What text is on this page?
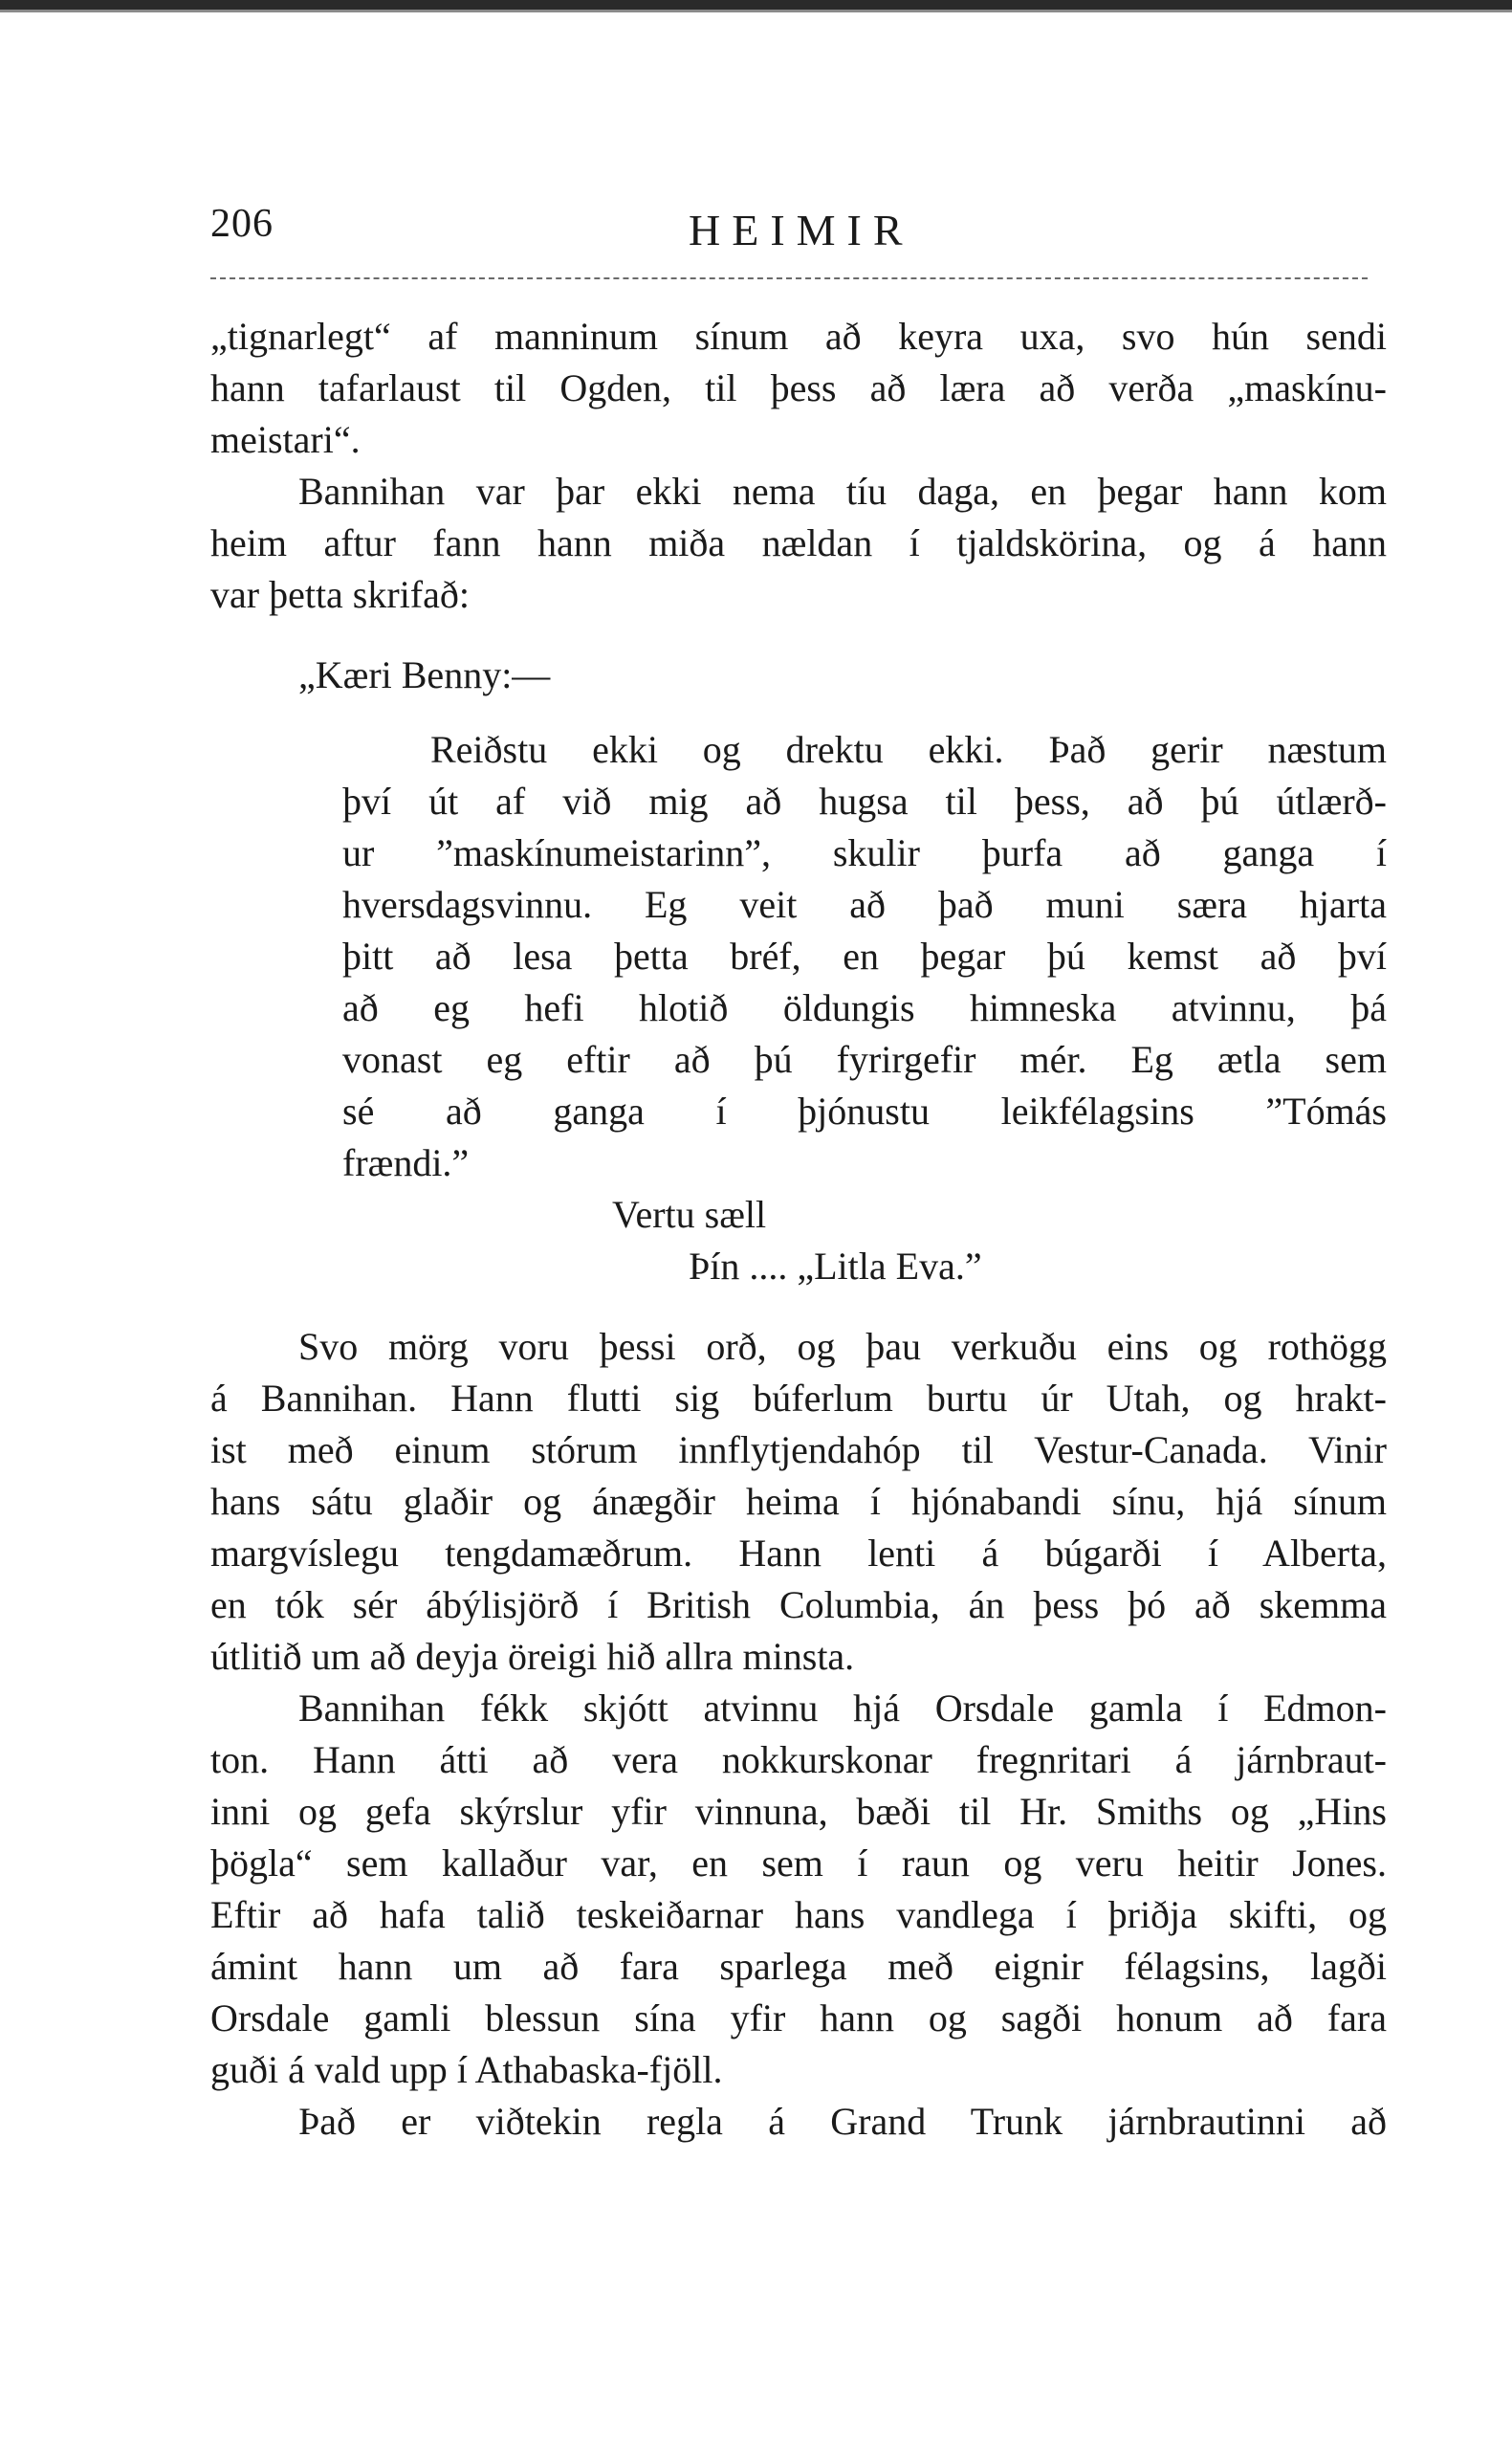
206	HEIMIR
„tignarlegt“ af manninum sínum að keyra uxa, svo hún sendi
hann tafarlaust til Ogden, til þess að læra að verða „maskínu-
meistari“.
Bannihan var þar ekki nema tíu daga, en þegar hann kom
heim aftur fann hann miða nældan í tjaldskörina, og á hann
var þetta skrifað:
„Kæri Benny:—
Reiðstu ekki og drektu ekki. Það gerir næstum
því út af við mig að hugsa til þess, að þú útlærð-
ur ”maskínumeistarinn”, skulir þurfa að ganga í
hversdagsvinnu. Eg veit að það muni særa hjarta
þitt að lesa þetta bréf, en þegar þú kemst að því
að eg hefi hlotið öldungis himneska atvinnu, þá
vonast eg eftir að þú fyrirgefir mér. Eg ætla sem
sé að ganga í þjónustu leikfélagsins ”Tómás
frændi.”
Vertu sæll
Þín .... „Litla Eva.”
Svo mörg voru þessi orð, og þau verkuðu eins og rothögg
á Bannihan. Hann flutti sig búferlum burtu úr Utah, og hrakt-
ist með einum stórum innflytjendahóp til Vestur-Canada. Vinir
hans sátu glaðir og ánægðir heima í hjónabandi sínu, hjá sínum
margvíslegu tengdamæðrum. Hann lenti á búgarði í Alberta,
en tók sér ábýlisjörð í British Columbia, án þess þó að skemma
útlitið um að deyja öreigi hið allra minsta.
Bannihan fékk skjótt atvinnu hjá Orsdale gamla í Edmon-
ton. Hann átti að vera nokkurskonar fregnritari á járnbraut-
inni og gefa skýrslur yfir vinnuna, bæði til Hr. Smiths og „Hins
þögla“ sem kallaður var, en sem í raun og veru heitir Jones.
Eftir að hafa talið teskeiðarnar hans vandlega í þriðja skifti, og
ámint hann um að fara sparlega með eignir félagsins, lagði
Orsdale gamli blessun sína yfir hann og sagði honum að fara
guði á vald upp í Athabaska-fjöll.
Það er viðtekin regla á Grand Trunk járnbrautinni að
